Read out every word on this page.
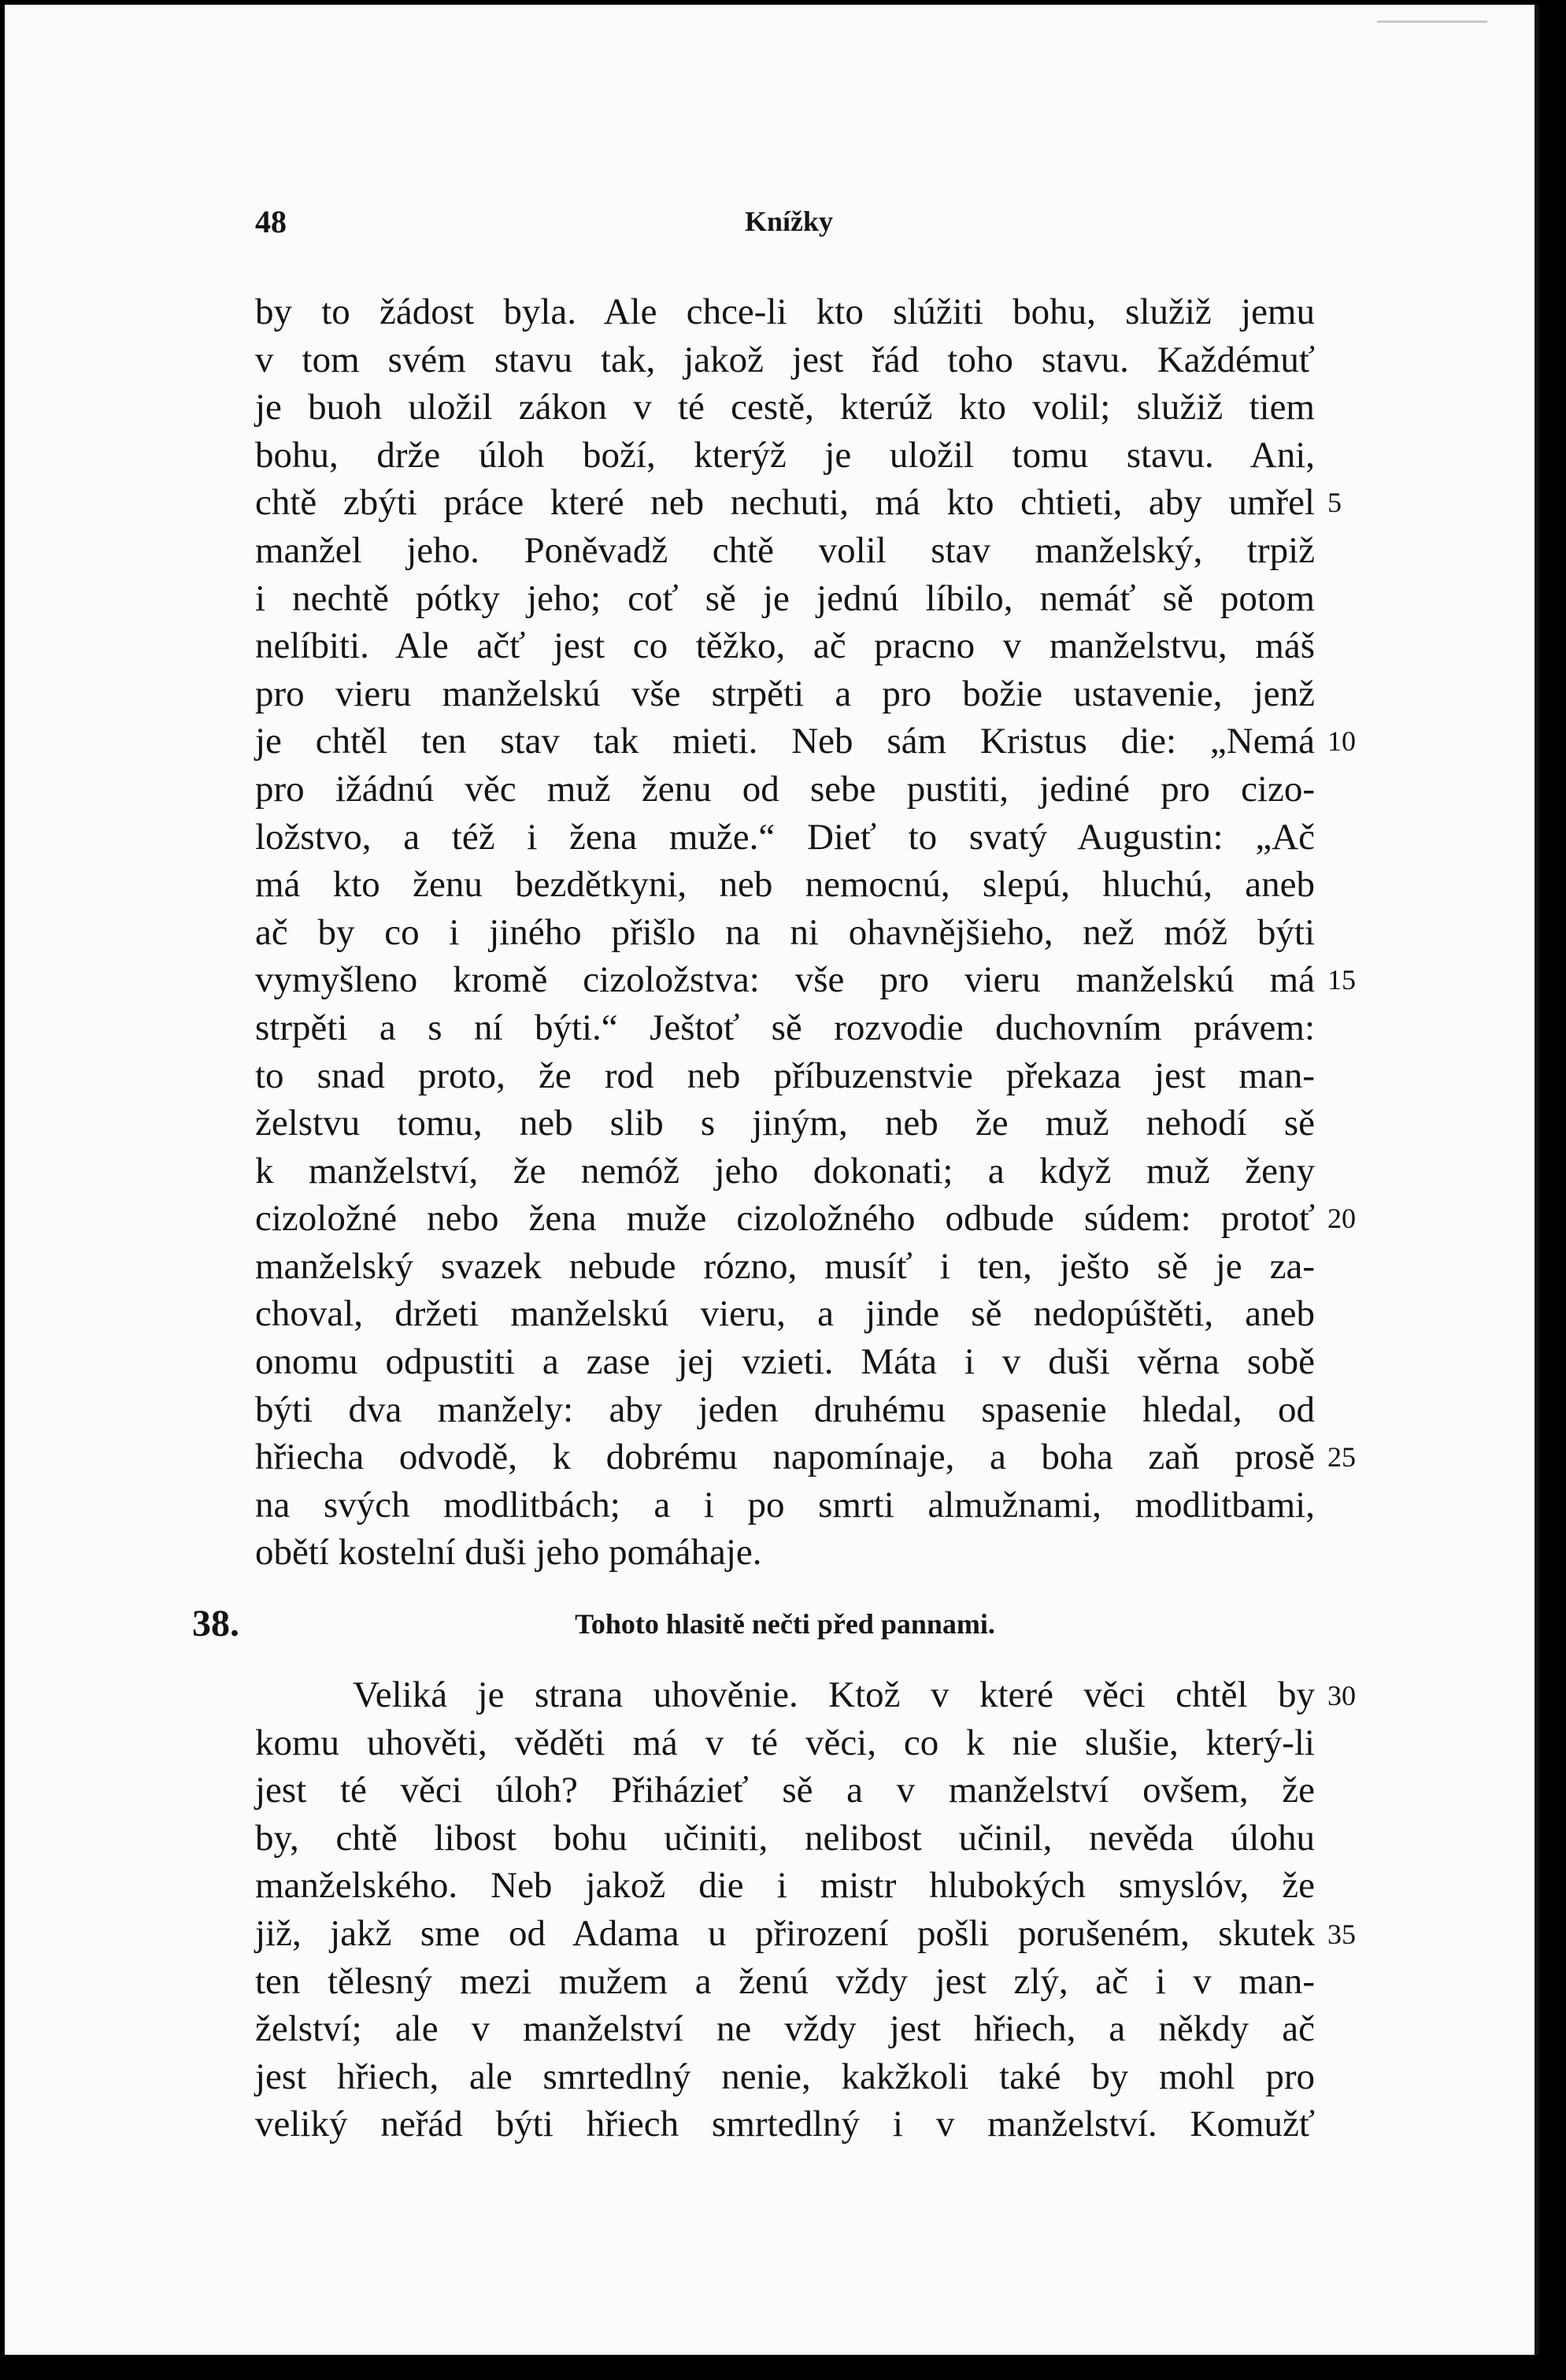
48	Knížky
by to žádost byla. Ale chce-li kto slúžiti bohu, služiž jemu
v tom svém stavu tak, jakož jest řád toho stavu. Každémuť
je buoh uložil zákon v té cestě, kterúž kto volil; služiž tiem
bohu, drže úloh boží, kterýž je uložil tomu stavu. Ani,
chtě zbýti práce které neb nechuti, má kto chtieti, aby umřel
manžel jeho. Poněvadž chtě volil stav manželský, trpiž
i nechtě pótky jeho; coť sě je jednú líbilo, nemáť sě potom
nelíbiti. Ale ačť jest co těžko, ač pracno v manželstvu, máš
pro vieru manželskú vše strpěti a pro božie ustavenie, jenž
je chtěl ten stav tak mieti. Neb sám Kristus die: „Nemá
pro ižádnú věc muž ženu od sebe pustiti, jediné pro cizo-
ložstvo, a též i žena muže.“ Dieť to svatý Augustin: „Ač
má kto ženu bezdětkyni, neb nemocnú, slepú, hluchú, aneb
ač by co i jiného přišlo na ni ohavnějšieho, než móž býti
vymyšleno kromě cizoložstva: vše pro vieru manželskú má
strpěti a s ní býti.“ Ještoť sě rozvodie duchovním právem:
to snad proto, že rod neb příbuzenstvie překaza jest man-
želstvu tomu, neb slib s jiným, neb že muž nehodí sě
k manželství, že nemóž jeho dokonati; a když muž ženy
cizoložné nebo žena muže cizoložného odbude súdem: protoť
manželský svazek nebude rózno, musíť i ten, ješto sě je za-
choval, držeti manželskú vieru, a jinde sě nedopúštěti, aneb
onomu odpustiti a zase jej vzieti. Máta i v duši věrna sobě
býti dva manžely: aby jeden druhému spasenie hledal, od
hřiecha odvodě, k dobrému napomínaje, a boha zaň prosě
na svých modlitbách; a i po smrti almužnami, modlitbami,
obětí kostelní duši jeho pomáhaje.
38.	Tohoto hlasitě nečti před pannami.
Veliká je strana uhověnie. Ktož v které věci chtěl by
komu uhověti, věděti má v té věci, co k nie slušie, který-li
jest té věci úloh? Přiházieť sě a v manželství ovšem, že
by, chtě libost bohu učiniti, nelibost učinil, nevěda úlohu
manželského. Neb jakož die i mistr hlubokých smyslóv, že
již, jakž sme od Adama u přirození pošli porušeném, skutek
ten tělesný mezi mužem a ženú vždy jest zlý, ač i v man-
želství; ale v manželství ne vždy jest hřiech, a někdy ač
jest hřiech, ale smrtedlný nenie, kakžkoli také by mohl pro
veliký neřád býti hřiech smrtedlný i v manželství. Komužť
5
10
15
20
25
30
35
